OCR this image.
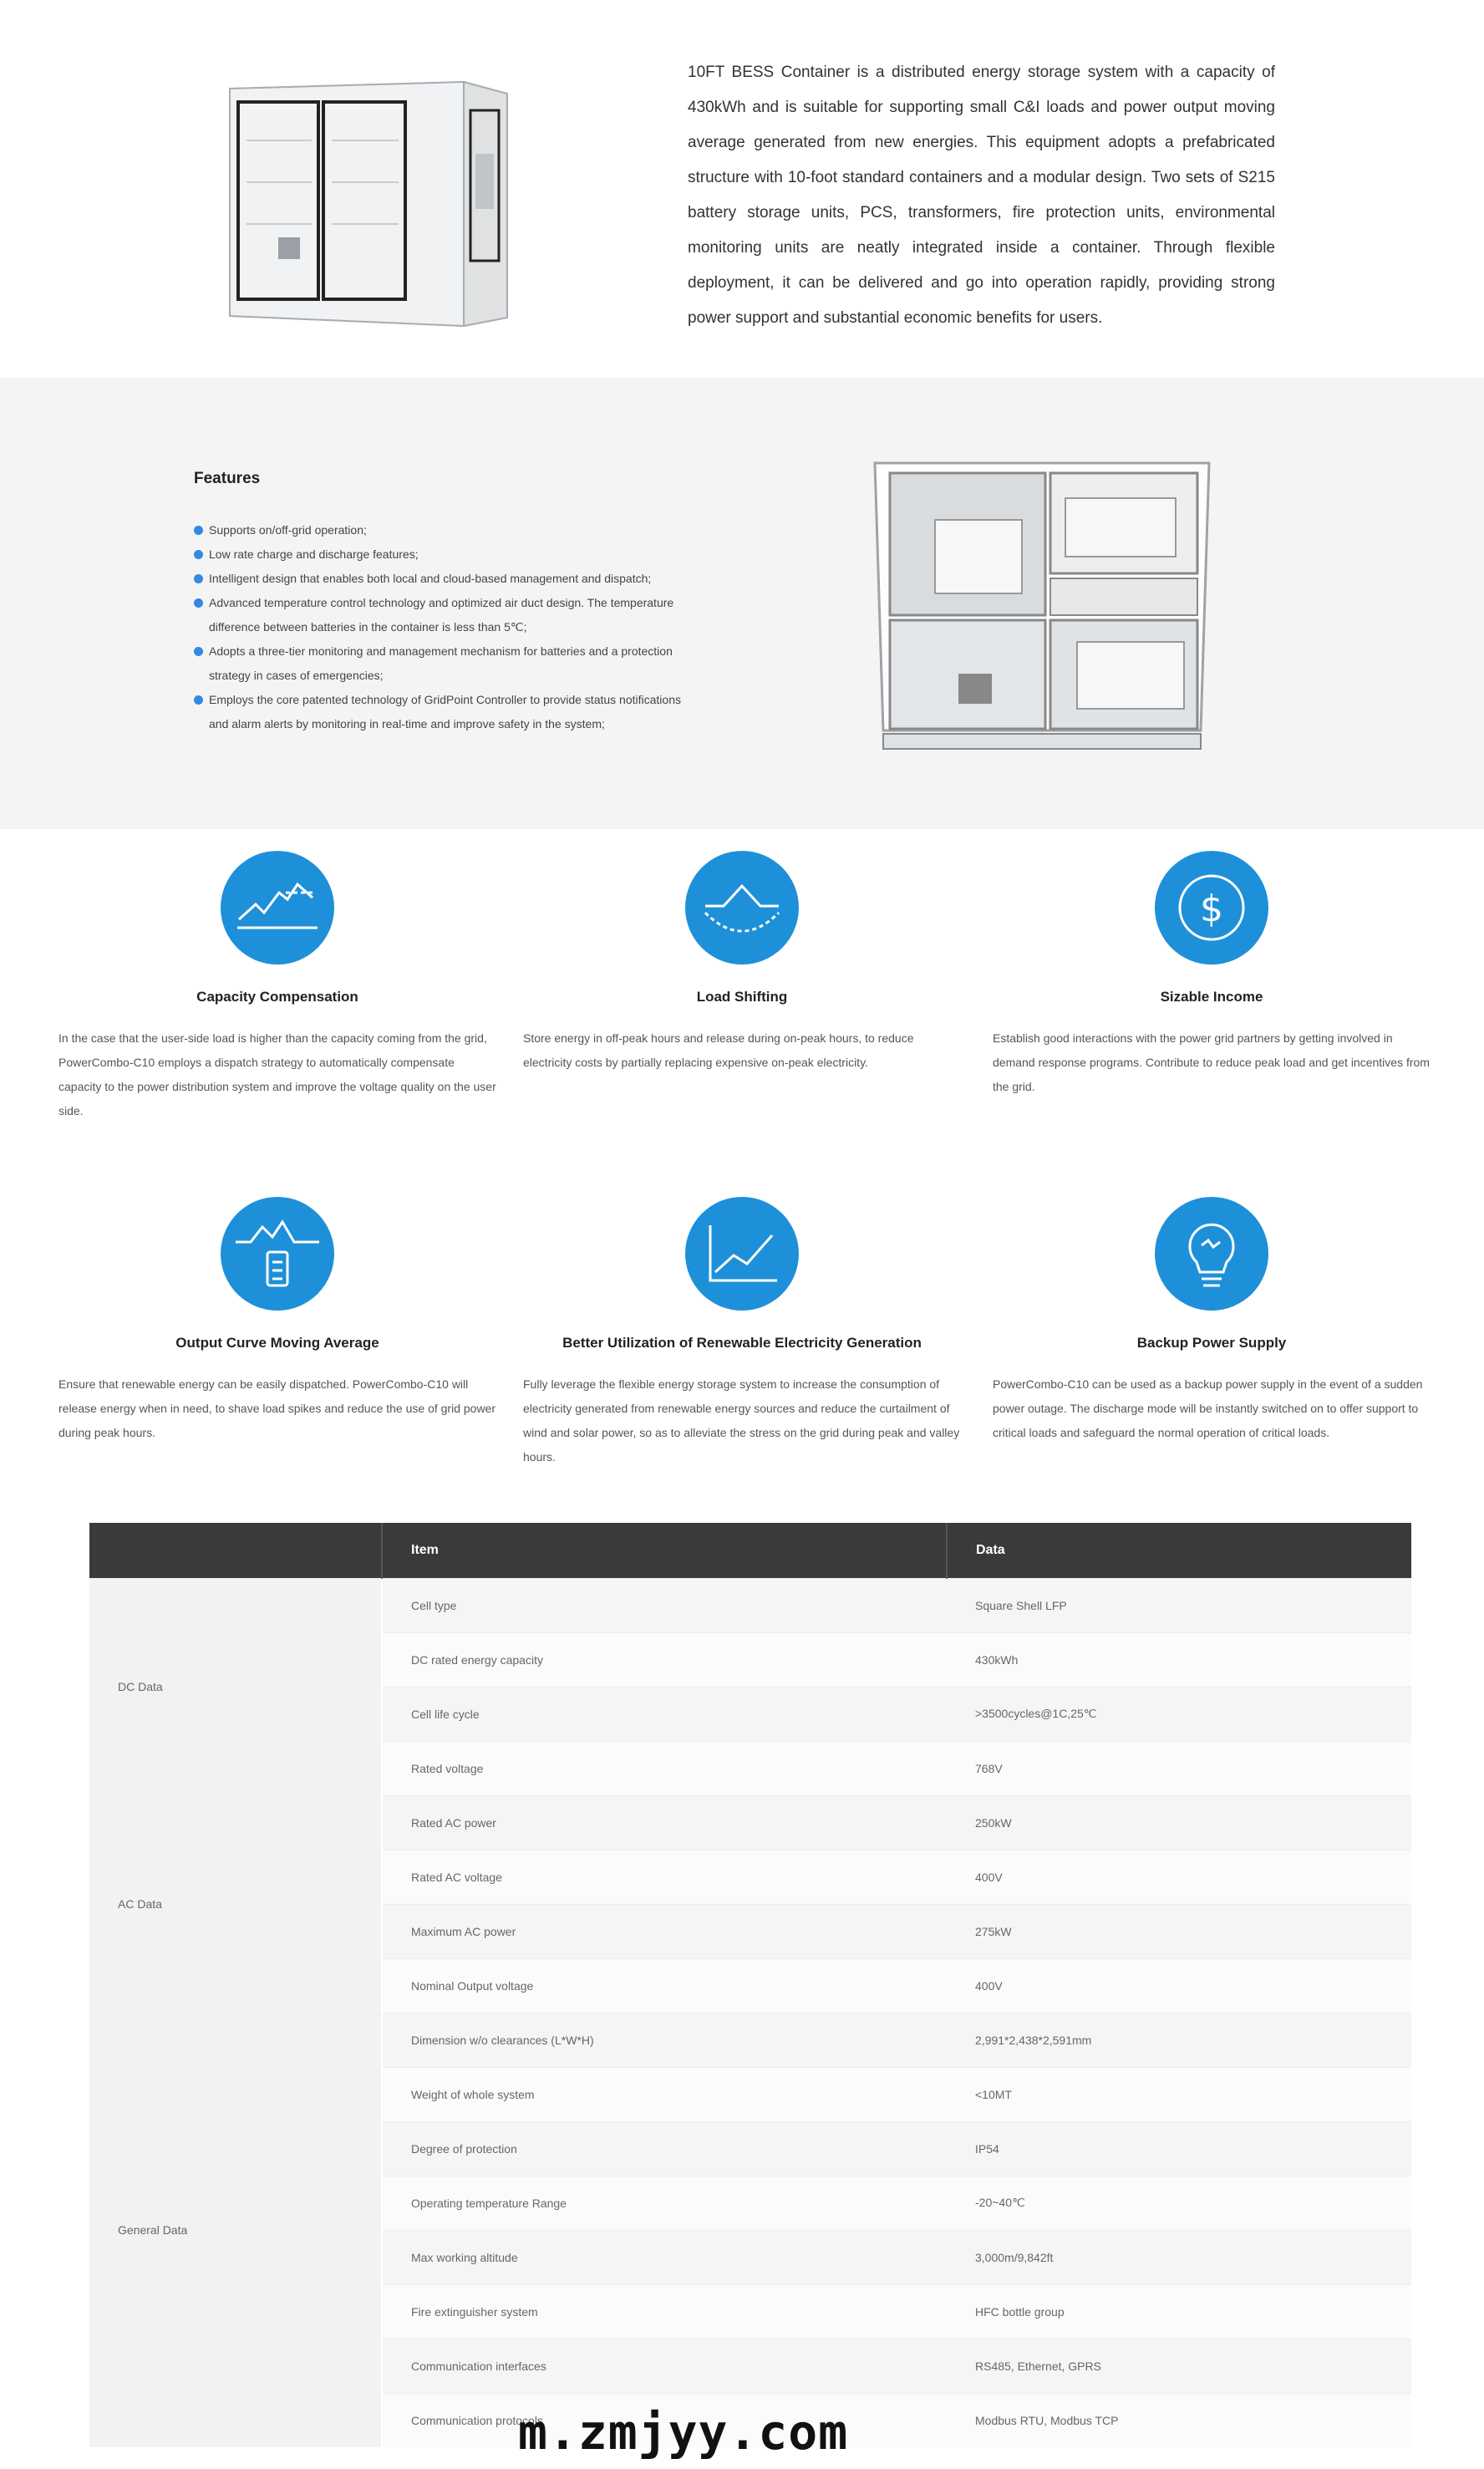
10FT BESS Container is a distributed energy storage system with a capacity of 430kWh and is suitable for supporting small C&I loads and power output moving average generated from new energies. This equipment adopts a prefabricated structure with 10-foot standard containers and a modular design. Two sets of S215 battery storage units, PCS, transformers, fire protection units, environmental monitoring units are neatly integrated inside a container. Through flexible deployment, it can be delivered and go into operation rapidly, providing strong power support and substantial economic benefits for users.

Features
Supports on/off-grid operation;
Low rate charge and discharge features;
Intelligent design that enables both local and cloud-based management and dispatch;
Advanced temperature control technology and optimized air duct design. The temperature difference between batteries in the container is less than 5℃;
Adopts a three-tier monitoring and management mechanism for batteries and a protection strategy in cases of emergencies;
Employs the core patented technology of GridPoint Controller to provide status notifications and alarm alerts by monitoring in real-time and improve safety in the system;
Capacity Compensation

In the case that the user-side load is higher than the capacity coming from the grid, PowerCombo-C10 employs a dispatch strategy to automatically compensate capacity to the power distribution system and improve the voltage quality on the user side.

Load Shifting

Store energy in off-peak hours and release during on-peak hours, to reduce electricity costs by partially replacing expensive on-peak electricity.

$
Sizable Income

Establish good interactions with the power grid partners by getting involved in demand response programs. Contribute to reduce peak load and get incentives from the grid.

Output Curve Moving Average

Ensure that renewable energy can be easily dispatched. PowerCombo-C10 will release energy when in need, to shave load spikes and reduce the use of grid power during peak hours.

Better Utilization of Renewable Electricity Generation

Fully leverage the flexible energy storage system to increase the consumption of electricity generated from renewable energy sources and reduce the curtailment of wind and solar power, so as to alleviate the stress on the grid during peak and valley hours.

Backup Power Supply

PowerCombo-C10 can be used as a backup power supply in the event of a sudden power outage. The discharge mode will be instantly switched on to offer support to critical loads and safeguard the normal operation of critical loads.

	Item	Data
DC Data	Cell type	Square Shell LFP
	DC rated energy capacity	430kWh
	Cell life cycle	>3500cycles@1C,25℃
	Rated voltage	768V
AC Data	Rated AC power	250kW
	Rated AC voltage	400V
	Maximum AC power	275kW
	Nominal Output voltage	400V
General Data	Dimension w/o clearances (L*W*H)	2,991*2,438*2,591mm
	Weight of whole system	<10MT
	Degree of protection	IP54
	Operating temperature Range	-20~40℃
	Max working altitude	3,000m/9,842ft
	Fire extinguisher system	HFC bottle group
	Communication interfaces	RS485, Ethernet, GPRS
	Communication protocols	Modbus RTU, Modbus TCP
m.zmjyy.com
